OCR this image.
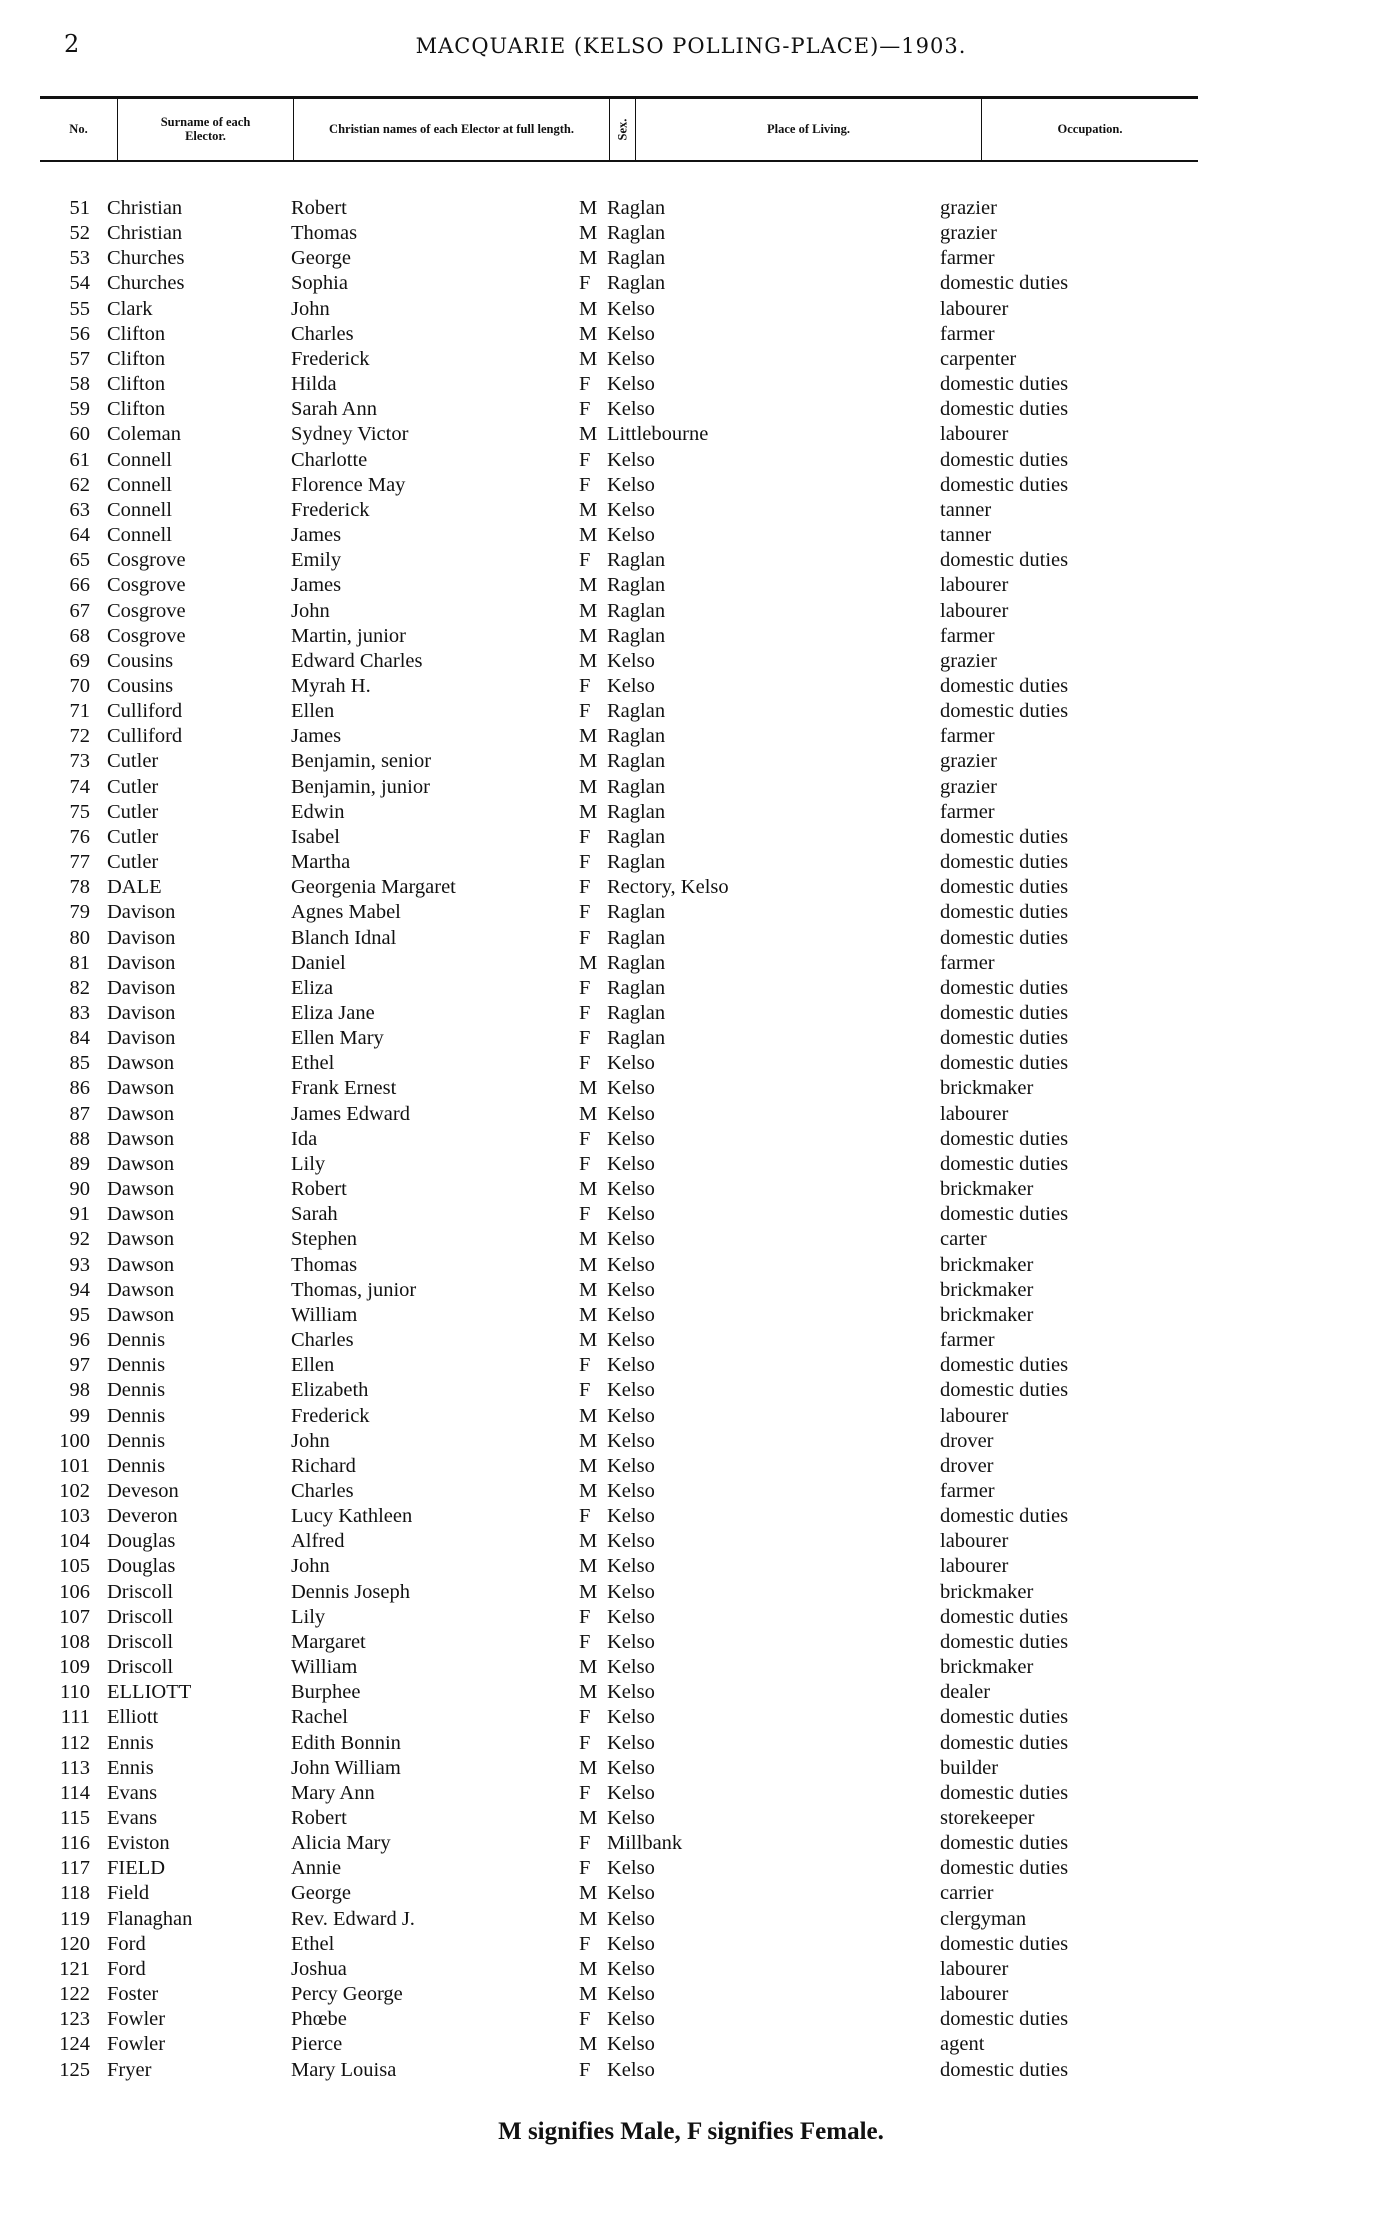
2	MACQUARIE (KELSO POLLING-PLACE)—1903.
No.	Surname of each Elector.	Christian names of each Elector at full length.	Sex.	Place of Living.	Occupation.
51 Christian	Robert	M Raglan	grazier
52 Christian	Thomas	M Raglan	grazier
53 Churches	George	M Raglan	farmer
54 Churches	Sophia	F Raglan	domestic duties
55 Clark	John	M Kelso	labourer
56 Clifton	Charles	M Kelso	farmer
57 Clifton	Frederick	M Kelso	carpenter
58 Clifton	Hilda	F Kelso	domestic duties
59 Clifton	Sarah Ann	F Kelso	domestic duties
60 Coleman	Sydney Victor	M Littlebourne	labourer
61 Connell	Charlotte	F Kelso	domestic duties
62 Connell	Florence May	F Kelso	domestic duties
63 Connell	Frederick	M Kelso	tanner
64 Connell	James	M Kelso	tanner
65 Cosgrove	Emily	F Raglan	domestic duties
66 Cosgrove	James	M Raglan	labourer
67 Cosgrove	John	M Raglan	labourer
68 Cosgrove	Martin, junior	M Raglan	farmer
69 Cousins	Edward Charles	M Kelso	grazier
70 Cousins	Myrah H.	F Kelso	domestic duties
71 Culliford	Ellen	F Raglan	domestic duties
72 Culliford	James	M Raglan	farmer
73 Cutler	Benjamin, senior	M Raglan	grazier
74 Cutler	Benjamin, junior	M Raglan	grazier
75 Cutler	Edwin	M Raglan	farmer
76 Cutler	Isabel	F Raglan	domestic duties
77 Cutler	Martha	F Raglan	domestic duties
78 DALE	Georgenia Margaret	F Rectory, Kelso	domestic duties
79 Davison	Agnes Mabel	F Raglan	domestic duties
80 Davison	Blanch Idnal	F Raglan	domestic duties
81 Davison	Daniel	M Raglan	farmer
82 Davison	Eliza	F Raglan	domestic duties
83 Davison	Eliza Jane	F Raglan	domestic duties
84 Davison	Ellen Mary	F Raglan	domestic duties
85 Dawson	Ethel	F Kelso	domestic duties
86 Dawson	Frank Ernest	M Kelso	brickmaker
87 Dawson	James Edward	M Kelso	labourer
88 Dawson	Ida	F Kelso	domestic duties
89 Dawson	Lily	F Kelso	domestic duties
90 Dawson	Robert	M Kelso	brickmaker
91 Dawson	Sarah	F Kelso	domestic duties
92 Dawson	Stephen	M Kelso	carter
93 Dawson	Thomas	M Kelso	brickmaker
94 Dawson	Thomas, junior	M Kelso	brickmaker
95 Dawson	William	M Kelso	brickmaker
96 Dennis	Charles	M Kelso	farmer
97 Dennis	Ellen	F Kelso	domestic duties
98 Dennis	Elizabeth	F Kelso	domestic duties
99 Dennis	Frederick	M Kelso	labourer
100 Dennis	John	M Kelso	drover
101 Dennis	Richard	M Kelso	drover
102 Deveson	Charles	M Kelso	farmer
103 Deveron	Lucy Kathleen	F Kelso	domestic duties
104 Douglas	Alfred	M Kelso	labourer
105 Douglas	John	M Kelso	labourer
106 Driscoll	Dennis Joseph	M Kelso	brickmaker
107 Driscoll	Lily	F Kelso	domestic duties
108 Driscoll	Margaret	F Kelso	domestic duties
109 Driscoll	William	M Kelso	brickmaker
110 ELLIOTT	Burphee	M Kelso	dealer
111 Elliott	Rachel	F Kelso	domestic duties
112 Ennis	Edith Bonnin	F Kelso	domestic duties
113 Ennis	John William	M Kelso	builder
114 Evans	Mary Ann	F Kelso	domestic duties
115 Evans	Robert	M Kelso	storekeeper
116 Eviston	Alicia Mary	F Millbank	domestic duties
117 FIELD	Annie	F Kelso	domestic duties
118 Field	George	M Kelso	carrier
119 Flanaghan	Rev. Edward J.	M Kelso	clergyman
120 Ford	Ethel	F Kelso	domestic duties
121 Ford	Joshua	M Kelso	labourer
122 Foster	Percy George	M Kelso	labourer
123 Fowler	Phœbe	F Kelso	domestic duties
124 Fowler	Pierce	M Kelso	agent
125 Fryer	Mary Louisa	F Kelso	domestic duties
M signifies Male, F signifies Female.
